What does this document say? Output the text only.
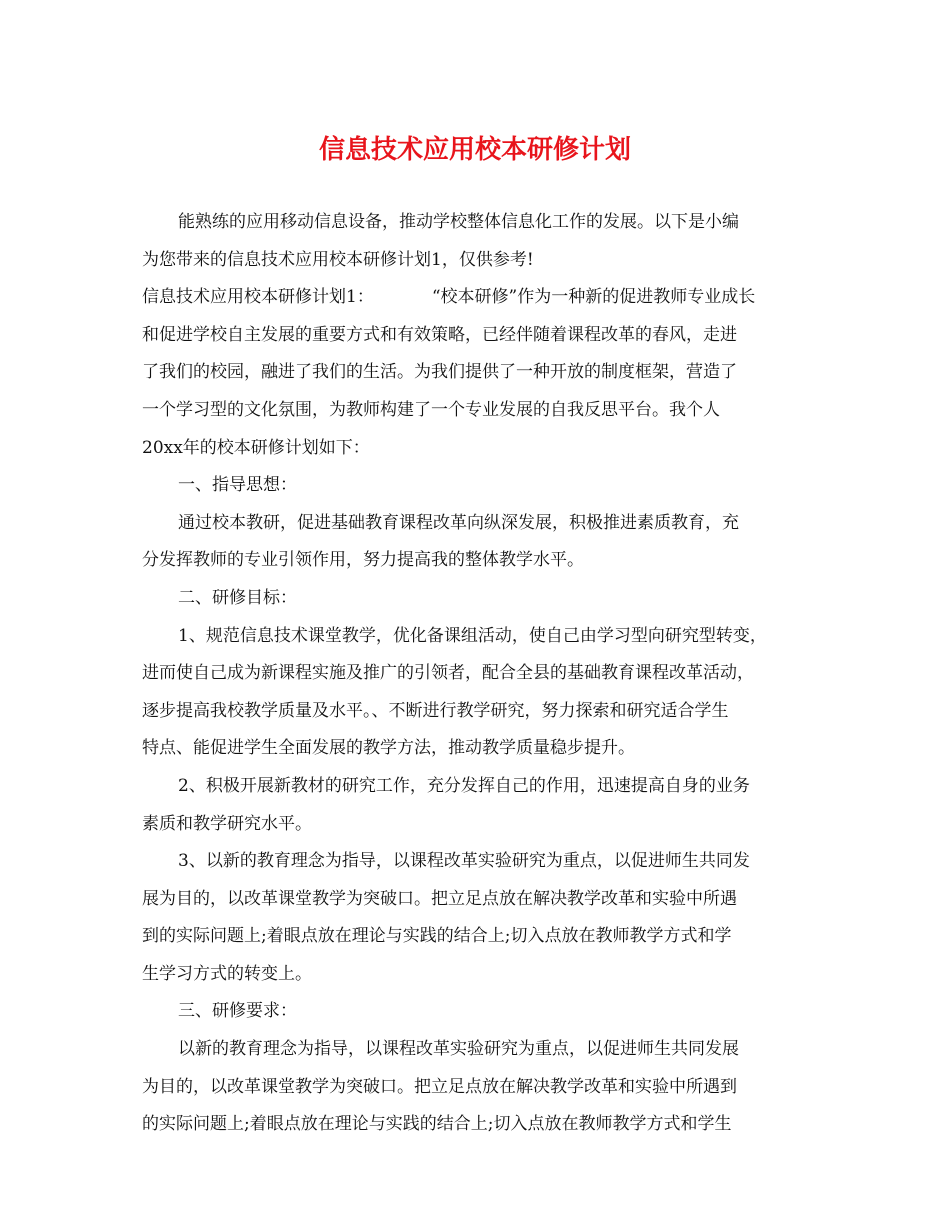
信息技术应用校本研修计划
能熟练的应用移动信息设备，推动学校整体信息化工作的发展。以下是小编
为您带来的信息技术应用校本研修计划1，仅供参考!
信息技术应用校本研修计划1：	“校本研修”作为一种新的促进教师专业成长
和促进学校自主发展的重要方式和有效策略，已经伴随着课程改革的春风，走进
了我们的校园，融进了我们的生活。为我们提供了一种开放的制度框架，营造了
一个学习型的文化氛围，为教师构建了一个专业发展的自我反思平台。我个人
20xx年的校本研修计划如下：
一、指导思想：
通过校本教研，促进基础教育课程改革向纵深发展，积极推进素质教育，充
分发挥教师的专业引领作用，努力提高我的整体教学水平。
二、研修目标：
1、规范信息技术课堂教学，优化备课组活动，使自己由学习型向研究型转变，
进而使自己成为新课程实施及推广的引领者，配合全县的基础教育课程改革活动，
逐步提高我校教学质量及水平。、不断进行教学研究，努力探索和研究适合学生
特点、能促进学生全面发展的教学方法，推动教学质量稳步提升。
2、积极开展新教材的研究工作，充分发挥自己的作用，迅速提高自身的业务
素质和教学研究水平。
3、以新的教育理念为指导，以课程改革实验研究为重点，以促进师生共同发
展为目的，以改革课堂教学为突破口。把立足点放在解决教学改革和实验中所遇
到的实际问题上;着眼点放在理论与实践的结合上;切入点放在教师教学方式和学
生学习方式的转变上。
三、研修要求：
以新的教育理念为指导，以课程改革实验研究为重点，以促进师生共同发展
为目的，以改革课堂教学为突破口。把立足点放在解决教学改革和实验中所遇到
的实际问题上;着眼点放在理论与实践的结合上;切入点放在教师教学方式和学生
